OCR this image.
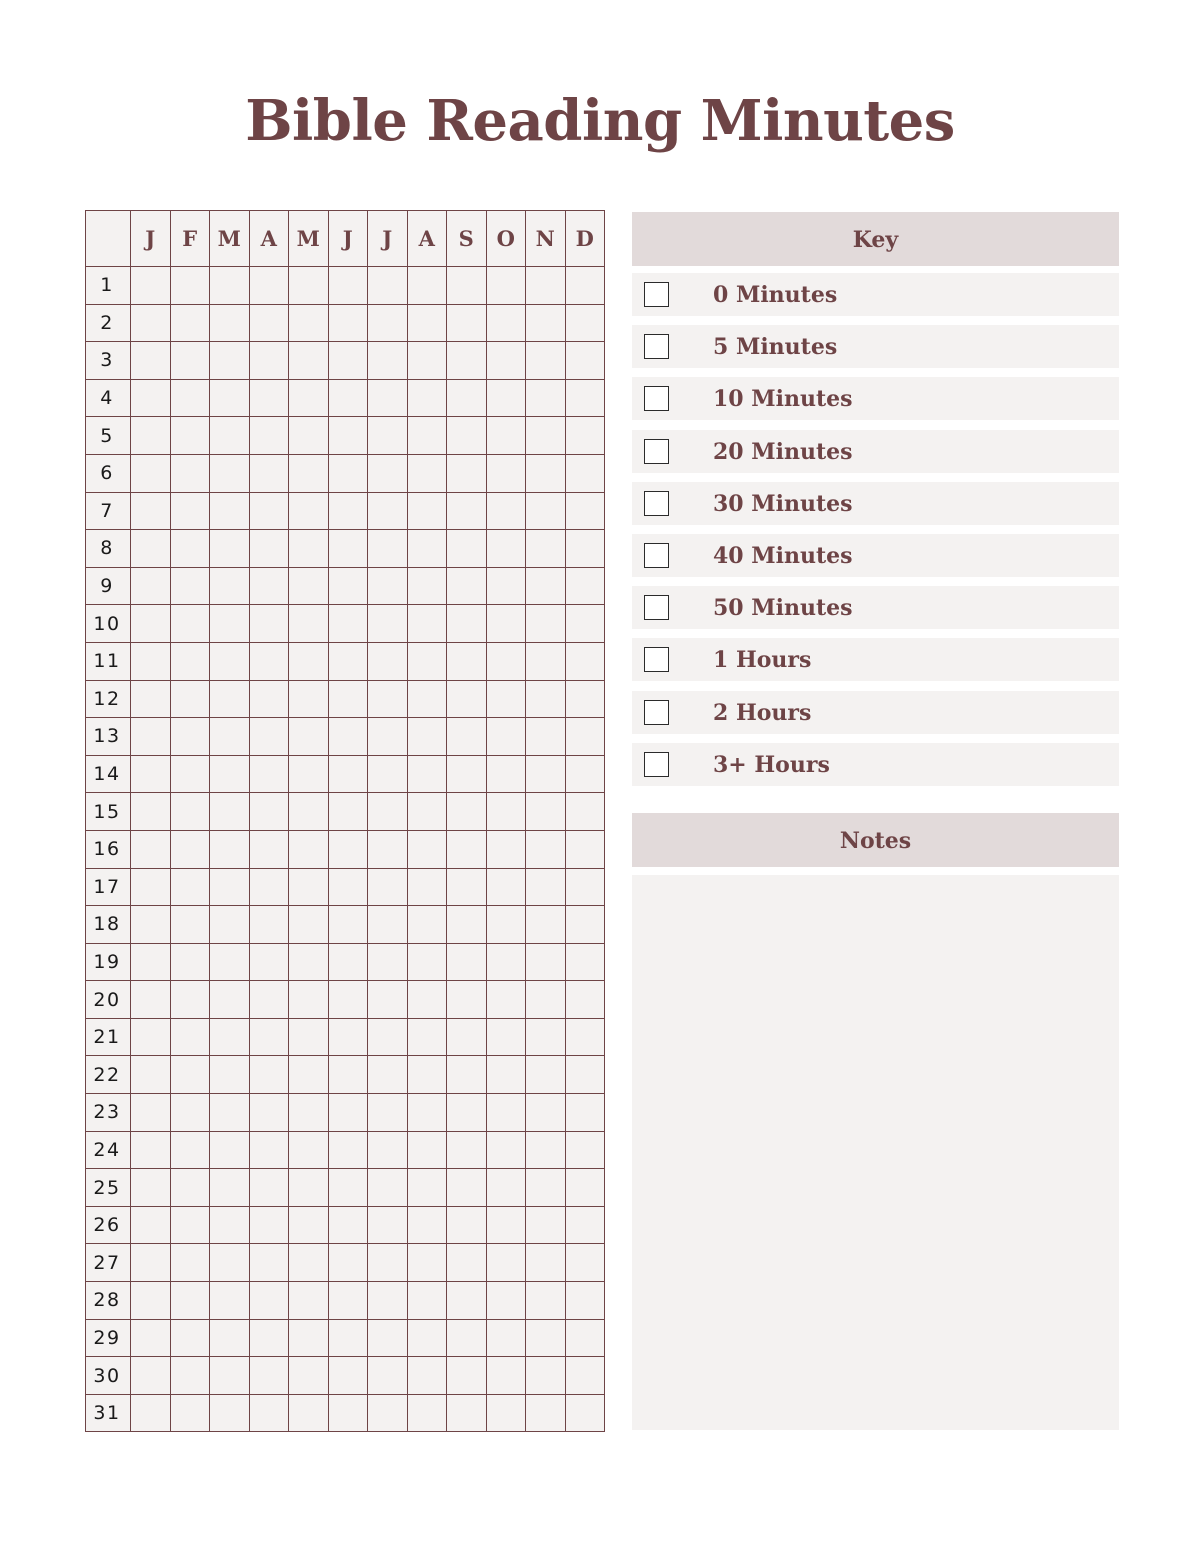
Bible Reading Minutes
	J	F	M	A	M	J	J	A	S	O	N	D
1												
2												
3												
4												
5												
6												
7												
8												
9												
10												
11												
12												
13												
14												
15												
16												
17												
18												
19												
20												
21												
22												
23												
24												
25												
26												
27												
28												
29												
30												
31												
Key
0 Minutes
5 Minutes
10 Minutes
20 Minutes
30 Minutes
40 Minutes
50 Minutes
1 Hours
2 Hours
3+ Hours
Notes
